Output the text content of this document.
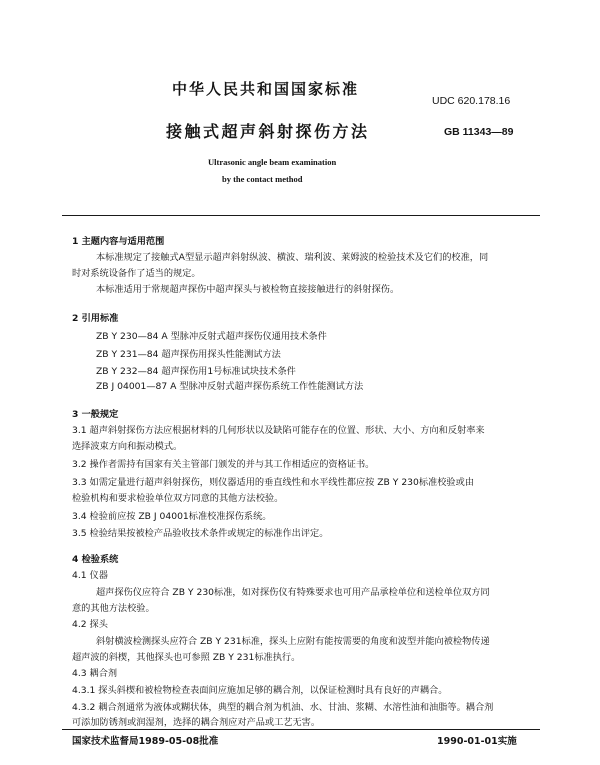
中华人民共和国国家标准
UDC 620.178.16
接触式超声斜射探伤方法	GB 11343—89
Ultrasonic angle beam examination
by the contact method
1 主题内容与适用范围
本标准规定了接触式A型显示超声斜射纵波、横波、瑞利波、莱姆波的检验技术及它们的校准，同
时对系统设备作了适当的规定。
本标准适用于常规超声探伤中超声探头与被检物直接接触进行的斜射探伤。
2 引用标准
ZB Y 230—84 A 型脉冲反射式超声探伤仪通用技术条件
ZB Y 231—84 超声探伤用探头性能测试方法
ZB Y 232—84 超声探伤用1号标准试块技术条件
ZB J 04001—87 A 型脉冲反射式超声探伤系统工作性能测试方法
3 一般规定
3.1 超声斜射探伤方法应根据材料的几何形状以及缺陷可能存在的位置、形状、大小、方向和反射率来
选择波束方向和振动模式。
3.2 操作者需持有国家有关主管部门颁发的并与其工作相适应的资格证书。
3.3 如需定量进行超声斜射探伤，则仪器适用的垂直线性和水平线性都应按 ZB Y 230标准校验或由
检验机构和要求检验单位双方同意的其他方法校验。
3.4 检验前应按 ZB J 04001标准校准探伤系统。
3.5 检验结果按被检产品验收技术条件或规定的标准作出评定。
4 检验系统
4.1 仪器
超声探伤仪应符合 ZB Y 230标准，如对探伤仪有特殊要求也可用产品承检单位和送检单位双方同
意的其他方法校验。
4.2 探头
斜射横波检测探头应符合 ZB Y 231标准，探头上应附有能按需要的角度和波型并能向被检物传递
超声波的斜楔，其他探头也可参照 ZB Y 231标准执行。
4.3 耦合剂
4.3.1 探头斜楔和被检物检查表面间应施加足够的耦合剂，以保证检测时具有良好的声耦合。
4.3.2 耦合剂通常为液体或糊状体，典型的耦合剂为机油、水、甘油、浆糊、水溶性油和油脂等。耦合剂
可添加防锈剂或润湿剂，选择的耦合剂应对产品或工艺无害。
国家技术监督局1989-05-08批准	1990-01-01实施
